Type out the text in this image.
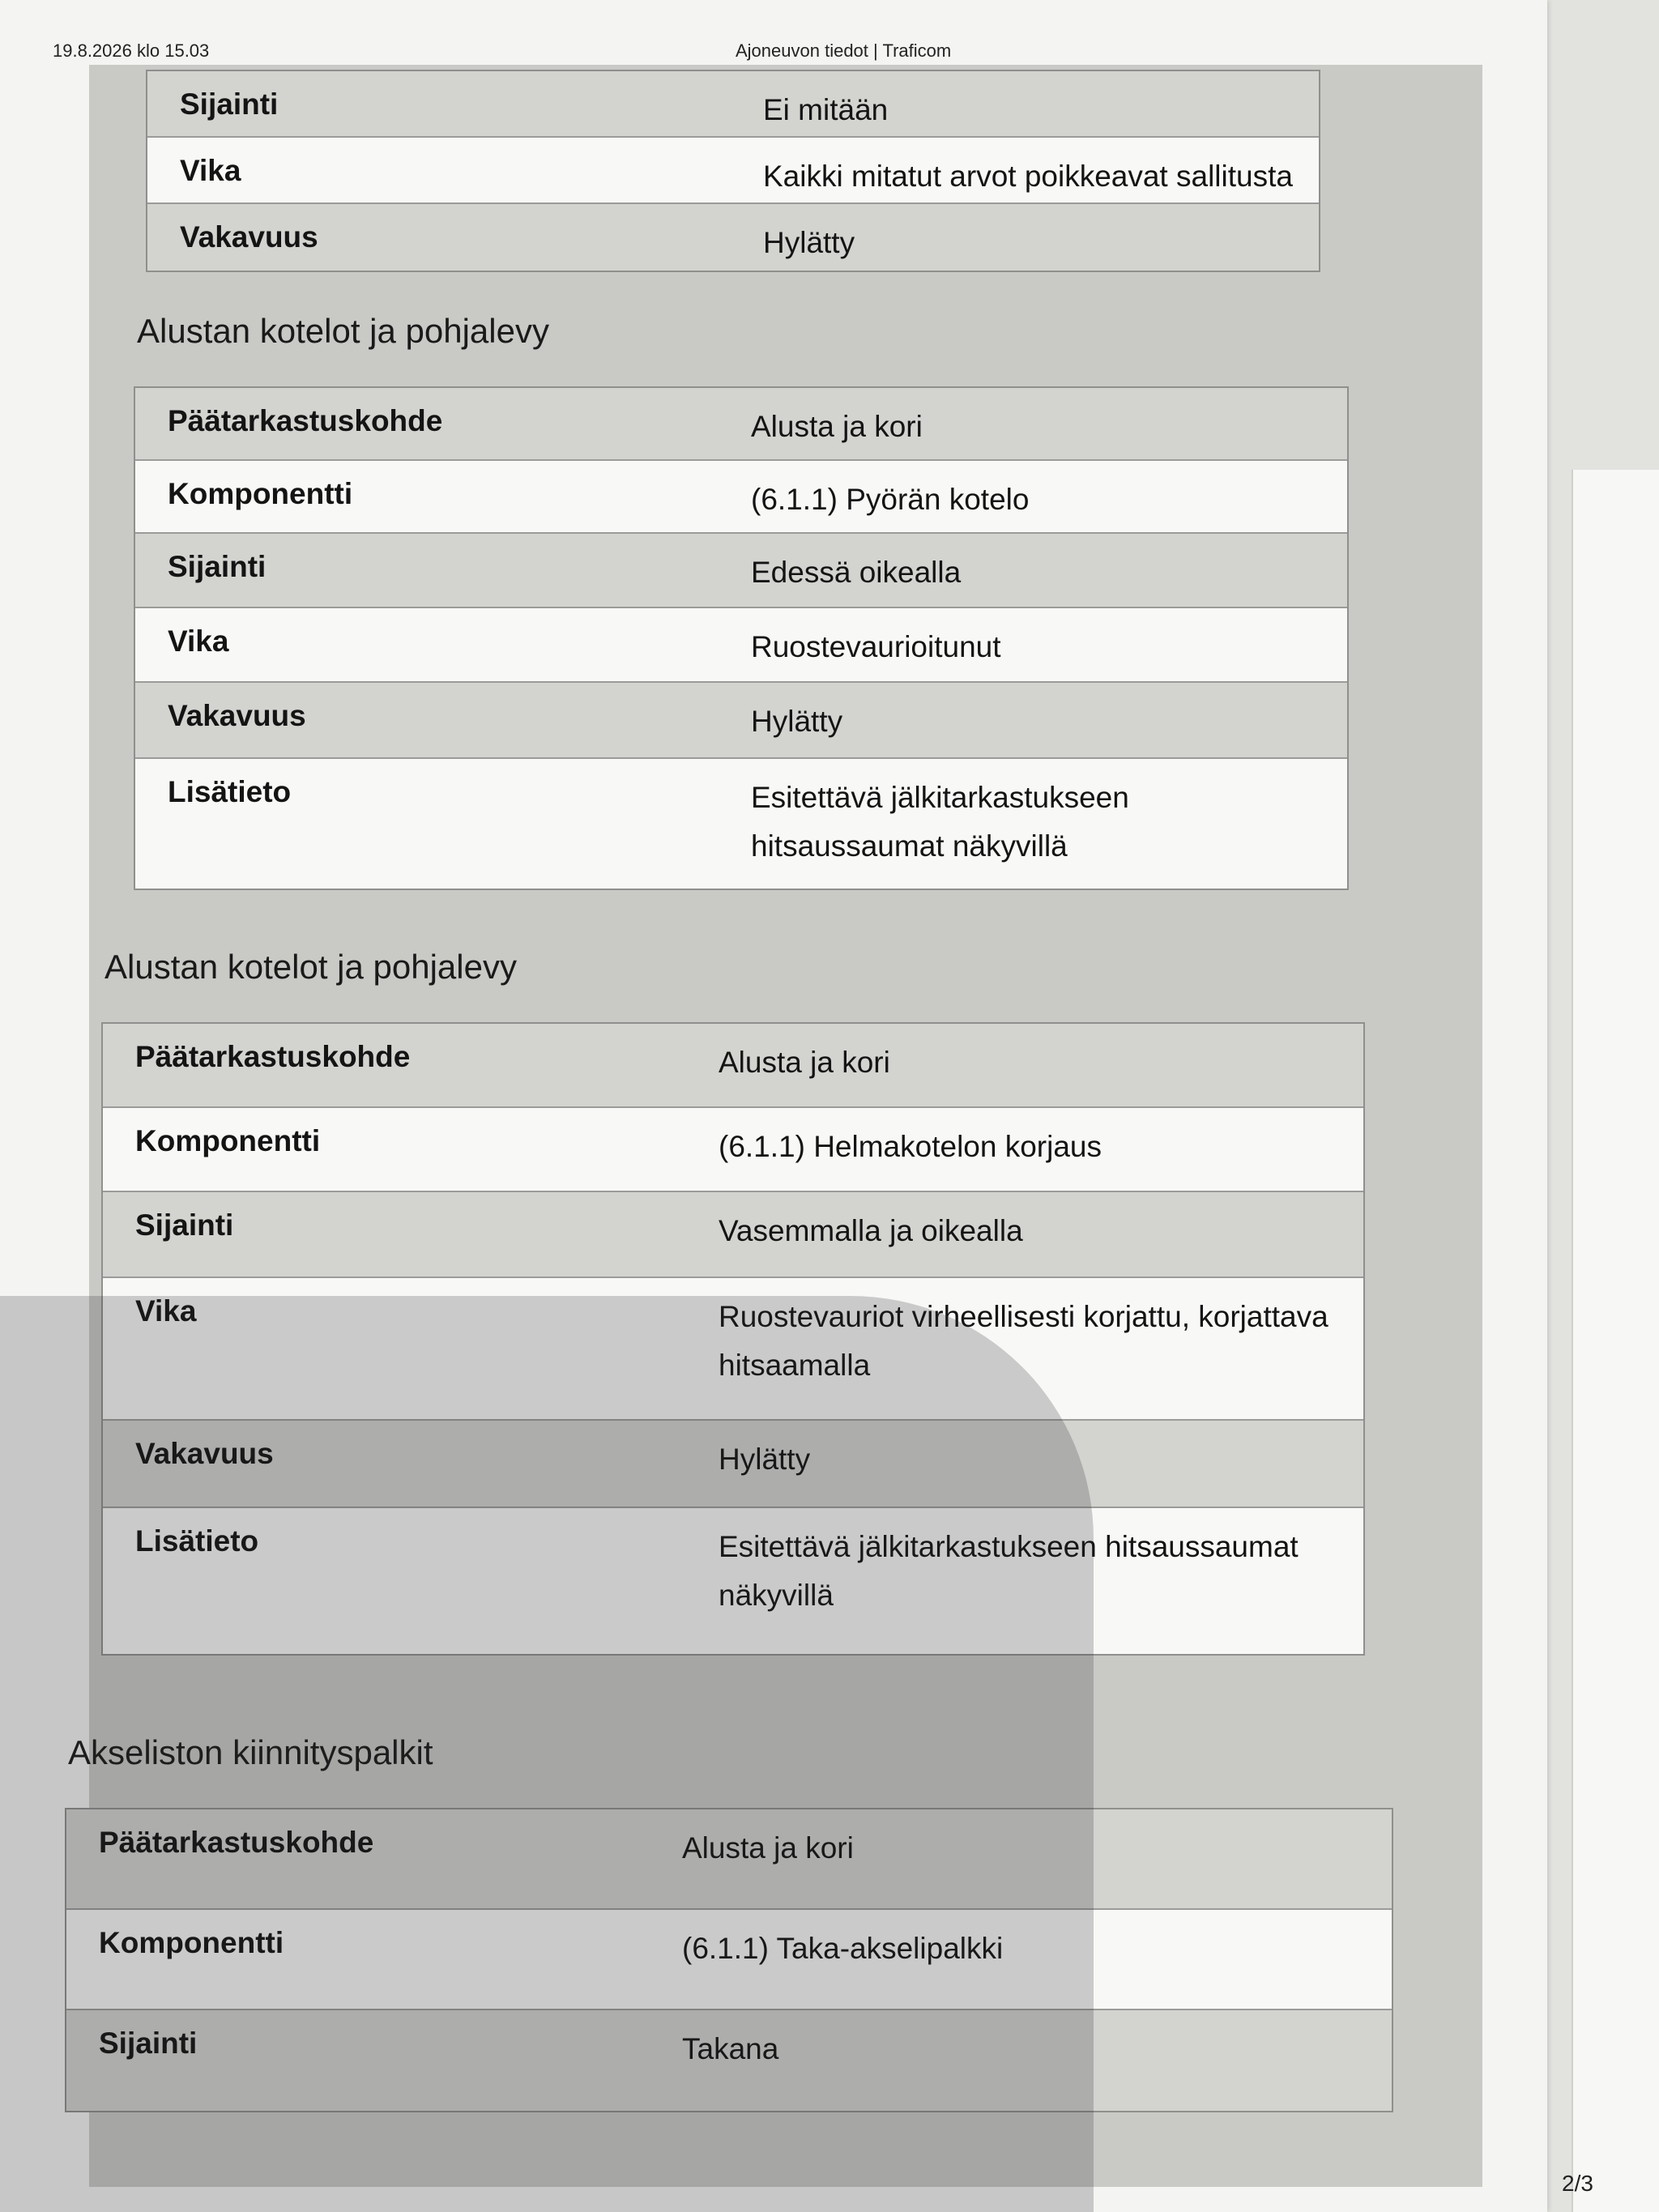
19.8.2026 klo 15.03	Ajoneuvon tiedot | Traficom
Sijainti	Ei mitään
Vika	Kaikki mitatut arvot poikkeavat sallitusta
Vakavuus	Hylätty
Alustan kotelot ja pohjalevy
Päätarkastuskohde	Alusta ja kori
Komponentti	(6.1.1) Pyörän kotelo
Sijainti	Edessä oikealla
Vika	Ruostevaurioitunut
Vakavuus	Hylätty
Lisätieto	Esitettävä jälkitarkastukseen hitsaussaumat näkyvillä
Alustan kotelot ja pohjalevy
Päätarkastuskohde	Alusta ja kori
Komponentti	(6.1.1) Helmakotelon korjaus
Sijainti	Vasemmalla ja oikealla
Vika	Ruostevauriot virheellisesti korjattu, korjattava hitsaamalla
Vakavuus	Hylätty
Lisätieto	Esitettävä jälkitarkastukseen hitsaussaumat näkyvillä
Akseliston kiinnityspalkit
Päätarkastuskohde	Alusta ja kori
Komponentti	(6.1.1) Taka-akselipalkki
Sijainti	Takana
2/3
